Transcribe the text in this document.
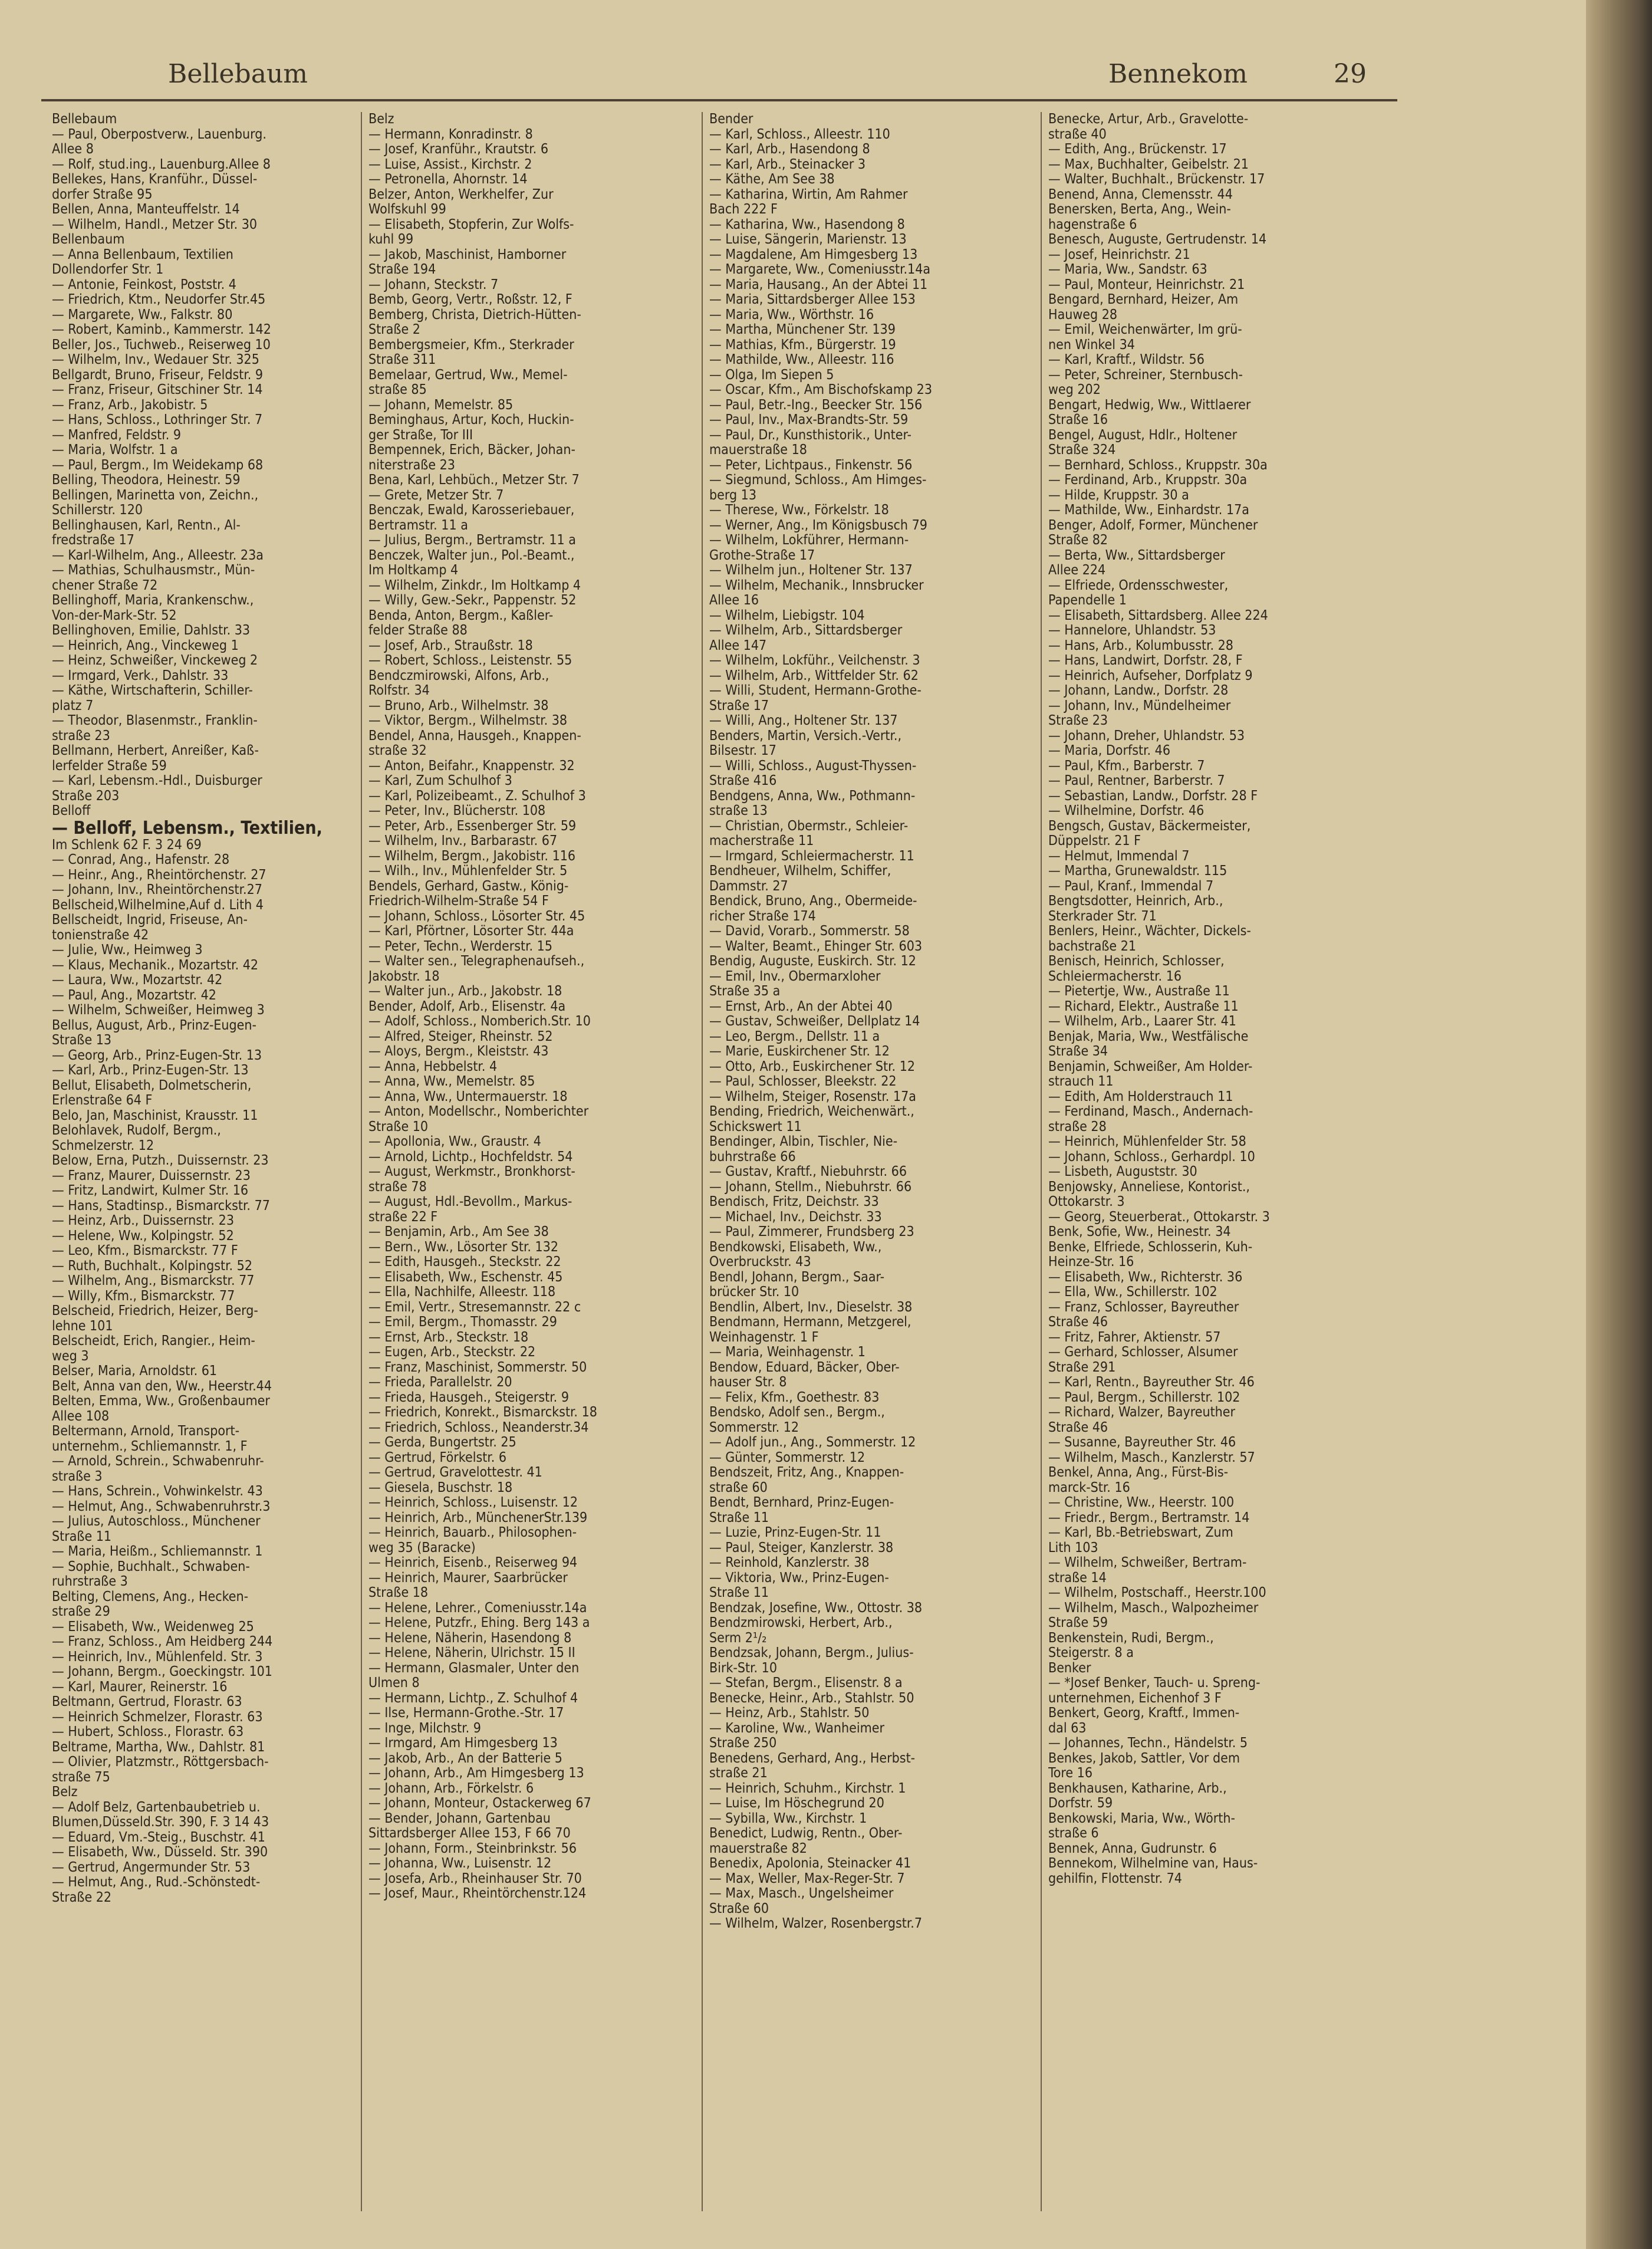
Bellebaum	Bennekom	29
Bellebaum
— Paul, Oberpostverw., Lauenburg.
Allee 8
— Rolf, stud.ing., Lauenburg.Allee 8
Bellekes, Hans, Kranführ., Düssel-
dorfer Straße 95
Bellen, Anna, Manteuffelstr. 14
— Wilhelm, Handl., Metzer Str. 30
Bellenbaum
— Anna Bellenbaum, Textilien
Dollendorfer Str. 1
— Antonie, Feinkost, Poststr. 4
— Friedrich, Ktm., Neudorfer Str.45
— Margarete, Ww., Falkstr. 80
— Robert, Kaminb., Kammerstr. 142
Beller, Jos., Tuchweb., Reiserweg 10
— Wilhelm, Inv., Wedauer Str. 325
Bellgardt, Bruno, Friseur, Feldstr. 9
— Franz, Friseur, Gitschiner Str. 14
— Franz, Arb., Jakobistr. 5
— Hans, Schloss., Lothringer Str. 7
— Manfred, Feldstr. 9
— Maria, Wolfstr. 1 a
— Paul, Bergm., Im Weidekamp 68
Belling, Theodora, Heinestr. 59
Bellingen, Marinetta von, Zeichn.,
Schillerstr. 120
Bellinghausen, Karl, Rentn., Al-
fredstraße 17
— Karl-Wilhelm, Ang., Alleestr. 23a
— Mathias, Schulhausmstr., Mün-
chener Straße 72
Bellinghoff, Maria, Krankenschw.,
Von-der-Mark-Str. 52
Bellinghoven, Emilie, Dahlstr. 33
— Heinrich, Ang., Vinckeweg 1
— Heinz, Schweißer, Vinckeweg 2
— Irmgard, Verk., Dahlstr. 33
— Käthe, Wirtschafterin, Schiller-
platz 7
— Theodor, Blasenmstr., Franklin-
straße 23
Bellmann, Herbert, Anreißer, Kaß-
lerfelder Straße 59
— Karl, Lebensm.-Hdl., Duisburger
Straße 203
Belloff
— Belloff, Lebensm., Textilien,
Im Schlenk 62 F. 3 24 69
— Conrad, Ang., Hafenstr. 28
— Heinr., Ang., Rheintörchenstr. 27
— Johann, Inv., Rheintörchenstr.27
Bellscheid,Wilhelmine,Auf d. Lith 4
Bellscheidt, Ingrid, Friseuse, An-
tonienstraße 42
— Julie, Ww., Heimweg 3
— Klaus, Mechanik., Mozartstr. 42
— Laura, Ww., Mozartstr. 42
— Paul, Ang., Mozartstr. 42
— Wilhelm, Schweißer, Heimweg 3
Bellus, August, Arb., Prinz-Eugen-
Straße 13
— Georg, Arb., Prinz-Eugen-Str. 13
— Karl, Arb., Prinz-Eugen-Str. 13
Bellut, Elisabeth, Dolmetscherin,
Erlenstraße 64 F
Belo, Jan, Maschinist, Krausstr. 11
Belohlavek, Rudolf, Bergm.,
Schmelzerstr. 12
Below, Erna, Putzh., Duissernstr. 23
— Franz, Maurer, Duissernstr. 23
— Fritz, Landwirt, Kulmer Str. 16
— Hans, Stadtinsp., Bismarckstr. 77
— Heinz, Arb., Duissernstr. 23
— Helene, Ww., Kolpingstr. 52
— Leo, Kfm., Bismarckstr. 77 F
— Ruth, Buchhalt., Kolpingstr. 52
— Wilhelm, Ang., Bismarckstr. 77
— Willy, Kfm., Bismarckstr. 77
Belscheid, Friedrich, Heizer, Berg-
lehne 101
Belscheidt, Erich, Rangier., Heim-
weg 3
Belser, Maria, Arnoldstr. 61
Belt, Anna van den, Ww., Heerstr.44
Belten, Emma, Ww., Großenbaumer
Allee 108
Beltermann, Arnold, Transport-
unternehm., Schliemannstr. 1, F
— Arnold, Schrein., Schwabenruhr-
straße 3
— Hans, Schrein., Vohwinkelstr. 43
— Helmut, Ang., Schwabenruhrstr.3
— Julius, Autoschloss., Münchener
Straße 11
— Maria, Heißm., Schliemannstr. 1
— Sophie, Buchhalt., Schwaben-
ruhrstraße 3
Belting, Clemens, Ang., Hecken-
straße 29
— Elisabeth, Ww., Weidenweg 25
— Franz, Schloss., Am Heidberg 244
— Heinrich, Inv., Mühlenfeld. Str. 3
— Johann, Bergm., Goeckingstr. 101
— Karl, Maurer, Reinerstr. 16
Beltmann, Gertrud, Florastr. 63
— Heinrich Schmelzer, Florastr. 63
— Hubert, Schloss., Florastr. 63
Beltrame, Martha, Ww., Dahlstr. 81
— Olivier, Platzmstr., Röttgersbach-
straße 75
Belz
— Adolf Belz, Gartenbaubetrieb u.
Blumen,Düsseld.Str. 390, F. 3 14 43
— Eduard, Vm.-Steig., Buschstr. 41
— Elisabeth, Ww., Düsseld. Str. 390
— Gertrud, Angermunder Str. 53
— Helmut, Ang., Rud.-Schönstedt-
Straße 22
Belz
— Hermann, Konradinstr. 8
— Josef, Kranführ., Krautstr. 6
— Luise, Assist., Kirchstr. 2
— Petronella, Ahornstr. 14
Belzer, Anton, Werkhelfer, Zur
Wolfskuhl 99
— Elisabeth, Stopferin, Zur Wolfs-
kuhl 99
— Jakob, Maschinist, Hamborner
Straße 194
— Johann, Steckstr. 7
Bemb, Georg, Vertr., Roßstr. 12, F
Bemberg, Christa, Dietrich-Hütten-
Straße 2
Bembergsmeier, Kfm., Sterkrader
Straße 311
Bemelaar, Gertrud, Ww., Memel-
straße 85
— Johann, Memelstr. 85
Beminghaus, Artur, Koch, Huckin-
ger Straße, Tor III
Bempennek, Erich, Bäcker, Johan-
niterstraße 23
Bena, Karl, Lehbüch., Metzer Str. 7
— Grete, Metzer Str. 7
Benczak, Ewald, Karosseriebauer,
Bertramstr. 11 a
— Julius, Bergm., Bertramstr. 11 a
Benczek, Walter jun., Pol.-Beamt.,
Im Holtkamp 4
— Wilhelm, Zinkdr., Im Holtkamp 4
— Willy, Gew.-Sekr., Pappenstr. 52
Benda, Anton, Bergm., Kaßler-
felder Straße 88
— Josef, Arb., Straußstr. 18
— Robert, Schloss., Leistenstr. 55
Bendczmirowski, Alfons, Arb.,
Rolfstr. 34
— Bruno, Arb., Wilhelmstr. 38
— Viktor, Bergm., Wilhelmstr. 38
Bendel, Anna, Hausgeh., Knappen-
straße 32
— Anton, Beifahr., Knappenstr. 32
— Karl, Zum Schulhof 3
— Karl, Polizeibeamt., Z. Schulhof 3
— Peter, Inv., Blücherstr. 108
— Peter, Arb., Essenberger Str. 59
— Wilhelm, Inv., Barbarastr. 67
— Wilhelm, Bergm., Jakobistr. 116
— Wilh., Inv., Mühlenfelder Str. 5
Bendels, Gerhard, Gastw., König-
Friedrich-Wilhelm-Straße 54 F
— Johann, Schloss., Lösorter Str. 45
— Karl, Pförtner, Lösorter Str. 44a
— Peter, Techn., Werderstr. 15
— Walter sen., Telegraphenaufseh.,
Jakobstr. 18
— Walter jun., Arb., Jakobstr. 18
Bender, Adolf, Arb., Elisenstr. 4a
— Adolf, Schloss., Nomberich.Str. 10
— Alfred, Steiger, Rheinstr. 52
— Aloys, Bergm., Kleiststr. 43
— Anna, Hebbelstr. 4
— Anna, Ww., Memelstr. 85
— Anna, Ww., Untermauerstr. 18
— Anton, Modellschr., Nomberichter
Straße 10
— Apollonia, Ww., Graustr. 4
— Arnold, Lichtp., Hochfeldstr. 54
— August, Werkmstr., Bronkhorst-
straße 78
— August, Hdl.-Bevollm., Markus-
straße 22 F
— Benjamin, Arb., Am See 38
— Bern., Ww., Lösorter Str. 132
— Edith, Hausgeh., Steckstr. 22
— Elisabeth, Ww., Eschenstr. 45
— Ella, Nachhilfe, Alleestr. 118
— Emil, Vertr., Stresemannstr. 22 c
— Emil, Bergm., Thomasstr. 29
— Ernst, Arb., Steckstr. 18
— Eugen, Arb., Steckstr. 22
— Franz, Maschinist, Sommerstr. 50
— Frieda, Parallelstr. 20
— Frieda, Hausgeh., Steigerstr. 9
— Friedrich, Konrekt., Bismarckstr. 18
— Friedrich, Schloss., Neanderstr.34
— Gerda, Bungertstr. 25
— Gertrud, Förkelstr. 6
— Gertrud, Gravelottestr. 41
— Giesela, Buschstr. 18
— Heinrich, Schloss., Luisenstr. 12
— Heinrich, Arb., MünchenerStr.139
— Heinrich, Bauarb., Philosophen-
weg 35 (Baracke)
— Heinrich, Eisenb., Reiserweg 94
— Heinrich, Maurer, Saarbrücker
Straße 18
— Helene, Lehrer., Comeniusstr.14a
— Helene, Putzfr., Ehing. Berg 143 a
— Helene, Näherin, Hasendong 8
— Helene, Näherin, Ulrichstr. 15 II
— Hermann, Glasmaler, Unter den
Ulmen 8
— Hermann, Lichtp., Z. Schulhof 4
— Ilse, Hermann-Grothe.-Str. 17
— Inge, Milchstr. 9
— Irmgard, Am Himgesberg 13
— Jakob, Arb., An der Batterie 5
— Johann, Arb., Am Himgesberg 13
— Johann, Arb., Förkelstr. 6
— Johann, Monteur, Ostackerweg 67
— Bender, Johann, Gartenbau
Sittardsberger Allee 153, F 66 70
— Johann, Form., Steinbrinkstr. 56
— Johanna, Ww., Luisenstr. 12
— Josefa, Arb., Rheinhauser Str. 70
— Josef, Maur., Rheintörchenstr.124
Bender
— Karl, Schloss., Alleestr. 110
— Karl, Arb., Hasendong 8
— Karl, Arb., Steinacker 3
— Käthe, Am See 38
— Katharina, Wirtin, Am Rahmer
Bach 222 F
— Katharina, Ww., Hasendong 8
— Luise, Sängerin, Marienstr. 13
— Magdalene, Am Himgesberg 13
— Margarete, Ww., Comeniusstr.14a
— Maria, Hausang., An der Abtei 11
— Maria, Sittardsberger Allee 153
— Maria, Ww., Wörthstr. 16
— Martha, Münchener Str. 139
— Mathias, Kfm., Bürgerstr. 19
— Mathilde, Ww., Alleestr. 116
— Olga, Im Siepen 5
— Oscar, Kfm., Am Bischofskamp 23
— Paul, Betr.-Ing., Beecker Str. 156
— Paul, Inv., Max-Brandts-Str. 59
— Paul, Dr., Kunsthistorik., Unter-
mauerstraße 18
— Peter, Lichtpaus., Finkenstr. 56
— Siegmund, Schloss., Am Himges-
berg 13
— Therese, Ww., Förkelstr. 18
— Werner, Ang., Im Königsbusch 79
— Wilhelm, Lokführer, Hermann-
Grothe-Straße 17
— Wilhelm jun., Holtener Str. 137
— Wilhelm, Mechanik., Innsbrucker
Allee 16
— Wilhelm, Liebigstr. 104
— Wilhelm, Arb., Sittardsberger
Allee 147
— Wilhelm, Lokführ., Veilchenstr. 3
— Wilhelm, Arb., Wittfelder Str. 62
— Willi, Student, Hermann-Grothe-
Straße 17
— Willi, Ang., Holtener Str. 137
Benders, Martin, Versich.-Vertr.,
Bilsestr. 17
— Willi, Schloss., August-Thyssen-
Straße 416
Bendgens, Anna, Ww., Pothmann-
straße 13
— Christian, Obermstr., Schleier-
macherstraße 11
— Irmgard, Schleiermacherstr. 11
Bendheuer, Wilhelm, Schiffer,
Dammstr. 27
Bendick, Bruno, Ang., Obermeide-
richer Straße 174
— David, Vorarb., Sommerstr. 58
— Walter, Beamt., Ehinger Str. 603
Bendig, Auguste, Euskirch. Str. 12
— Emil, Inv., Obermarxloher
Straße 35 a
— Ernst, Arb., An der Abtei 40
— Gustav, Schweißer, Dellplatz 14
— Leo, Bergm., Dellstr. 11 a
— Marie, Euskirchener Str. 12
— Otto, Arb., Euskirchener Str. 12
— Paul, Schlosser, Bleekstr. 22
— Wilhelm, Steiger, Rosenstr. 17a
Bending, Friedrich, Weichenwärt.,
Schickswert 11
Bendinger, Albin, Tischler, Nie-
buhrstraße 66
— Gustav, Kraftf., Niebuhrstr. 66
— Johann, Stellm., Niebuhrstr. 66
Bendisch, Fritz, Deichstr. 33
— Michael, Inv., Deichstr. 33
— Paul, Zimmerer, Frundsberg 23
Bendkowski, Elisabeth, Ww.,
Overbruckstr. 43
Bendl, Johann, Bergm., Saar-
brücker Str. 10
Bendlin, Albert, Inv., Dieselstr. 38
Bendmann, Hermann, Metzgerel,
Weinhagenstr. 1 F
— Maria, Weinhagenstr. 1
Bendow, Eduard, Bäcker, Ober-
hauser Str. 8
— Felix, Kfm., Goethestr. 83
Bendsko, Adolf sen., Bergm.,
Sommerstr. 12
— Adolf jun., Ang., Sommerstr. 12
— Günter, Sommerstr. 12
Bendszeit, Fritz, Ang., Knappen-
straße 60
Bendt, Bernhard, Prinz-Eugen-
Straße 11
— Luzie, Prinz-Eugen-Str. 11
— Paul, Steiger, Kanzlerstr. 38
— Reinhold, Kanzlerstr. 38
— Viktoria, Ww., Prinz-Eugen-
Straße 11
Bendzak, Josefine, Ww., Ottostr. 38
Bendzmirowski, Herbert, Arb.,
Serm 2¹/₂
Bendzsak, Johann, Bergm., Julius-
Birk-Str. 10
— Stefan, Bergm., Elisenstr. 8 a
Benecke, Heinr., Arb., Stahlstr. 50
— Heinz, Arb., Stahlstr. 50
— Karoline, Ww., Wanheimer
Straße 250
Benedens, Gerhard, Ang., Herbst-
straße 21
— Heinrich, Schuhm., Kirchstr. 1
— Luise, Im Höschegrund 20
— Sybilla, Ww., Kirchstr. 1
Benedict, Ludwig, Rentn., Ober-
mauerstraße 82
Benedix, Apolonia, Steinacker 41
— Max, Weller, Max-Reger-Str. 7
— Max, Masch., Ungelsheimer
Straße 60
— Wilhelm, Walzer, Rosenbergstr.7
Benecke, Artur, Arb., Gravelotte-
straße 40
— Edith, Ang., Brückenstr. 17
— Max, Buchhalter, Geibelstr. 21
— Walter, Buchhalt., Brückenstr. 17
Benend, Anna, Clemensstr. 44
Benersken, Berta, Ang., Wein-
hagenstraße 6
Benesch, Auguste, Gertrudenstr. 14
— Josef, Heinrichstr. 21
— Maria, Ww., Sandstr. 63
— Paul, Monteur, Heinrichstr. 21
Bengard, Bernhard, Heizer, Am
Hauweg 28
— Emil, Weichenwärter, Im grü-
nen Winkel 34
— Karl, Kraftf., Wildstr. 56
— Peter, Schreiner, Sternbusch-
weg 202
Bengart, Hedwig, Ww., Wittlaerer
Straße 16
Bengel, August, Hdlr., Holtener
Straße 324
— Bernhard, Schloss., Kruppstr. 30a
— Ferdinand, Arb., Kruppstr. 30a
— Hilde, Kruppstr. 30 a
— Mathilde, Ww., Einhardstr. 17a
Benger, Adolf, Former, Münchener
Straße 82
— Berta, Ww., Sittardsberger
Allee 224
— Elfriede, Ordensschwester,
Papendelle 1
— Elisabeth, Sittardsberg. Allee 224
— Hannelore, Uhlandstr. 53
— Hans, Arb., Kolumbusstr. 28
— Hans, Landwirt, Dorfstr. 28, F
— Heinrich, Aufseher, Dorfplatz 9
— Johann, Landw., Dorfstr. 28
— Johann, Inv., Mündelheimer
Straße 23
— Johann, Dreher, Uhlandstr. 53
— Maria, Dorfstr. 46
— Paul, Kfm., Barberstr. 7
— Paul, Rentner, Barberstr. 7
— Sebastian, Landw., Dorfstr. 28 F
— Wilhelmine, Dorfstr. 46
Bengsch, Gustav, Bäckermeister,
Düppelstr. 21 F
— Helmut, Immendal 7
— Martha, Grunewaldstr. 115
— Paul, Kranf., Immendal 7
Bengtsdotter, Heinrich, Arb.,
Sterkrader Str. 71
Benlers, Heinr., Wächter, Dickels-
bachstraße 21
Benisch, Heinrich, Schlosser,
Schleiermacherstr. 16
— Pietertje, Ww., Austraße 11
— Richard, Elektr., Austraße 11
— Wilhelm, Arb., Laarer Str. 41
Benjak, Maria, Ww., Westfälische
Straße 34
Benjamin, Schweißer, Am Holder-
strauch 11
— Edith, Am Holderstrauch 11
— Ferdinand, Masch., Andernach-
straße 28
— Heinrich, Mühlenfelder Str. 58
— Johann, Schloss., Gerhardpl. 10
— Lisbeth, Auguststr. 30
Benjowsky, Anneliese, Kontorist.,
Ottokarstr. 3
— Georg, Steuerberat., Ottokarstr. 3
Benk, Sofie, Ww., Heinestr. 34
Benke, Elfriede, Schlosserin, Kuh-
Heinze-Str. 16
— Elisabeth, Ww., Richterstr. 36
— Ella, Ww., Schillerstr. 102
— Franz, Schlosser, Bayreuther
Straße 46
— Fritz, Fahrer, Aktienstr. 57
— Gerhard, Schlosser, Alsumer
Straße 291
— Karl, Rentn., Bayreuther Str. 46
— Paul, Bergm., Schillerstr. 102
— Richard, Walzer, Bayreuther
Straße 46
— Susanne, Bayreuther Str. 46
— Wilhelm, Masch., Kanzlerstr. 57
Benkel, Anna, Ang., Fürst-Bis-
marck-Str. 16
— Christine, Ww., Heerstr. 100
— Friedr., Bergm., Bertramstr. 14
— Karl, Bb.-Betriebswart, Zum
Lith 103
— Wilhelm, Schweißer, Bertram-
straße 14
— Wilhelm, Postschaff., Heerstr.100
— Wilhelm, Masch., Walpozheimer
Straße 59
Benkenstein, Rudi, Bergm.,
Steigerstr. 8 a
Benker
— *Josef Benker, Tauch- u. Spreng-
unternehmen, Eichenhof 3 F
Benkert, Georg, Kraftf., Immen-
dal 63
— Johannes, Techn., Händelstr. 5
Benkes, Jakob, Sattler, Vor dem
Tore 16
Benkhausen, Katharine, Arb.,
Dorfstr. 59
Benkowski, Maria, Ww., Wörth-
straße 6
Bennek, Anna, Gudrunstr. 6
Bennekom, Wilhelmine van, Haus-
gehilfin, Flottenstr. 74
